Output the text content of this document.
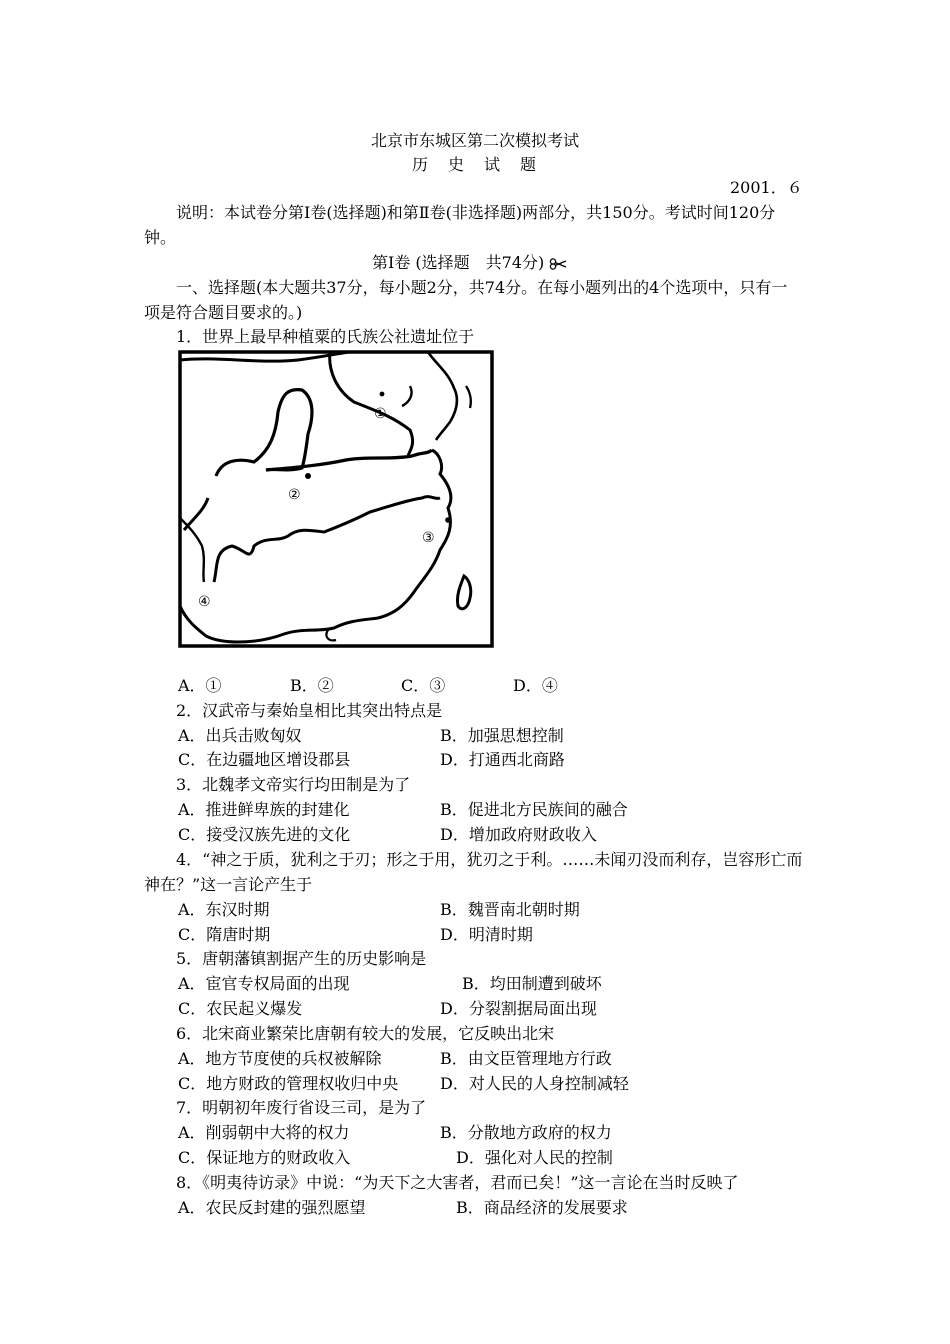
北京市东城区第二次模拟考试
历　史　试　题
2001．６
说明：本试卷分第Ⅰ卷(选择题)和第Ⅱ卷(非选择题)两部分，共150分。考试时间120分
钟。
第Ⅰ卷 (选择题　共74分)
一、选择题(本大题共37分，每小题2分，共74分。在每小题列出的4个选项中，只有一
项是符合题目要求的。)
1．世界上最早种植粟的氏族公社遗址位于
①
②
③
④
A．①	B．②	C．③	D．④
2．汉武帝与秦始皇相比其突出特点是
A．出兵击败匈奴	B．加强思想控制
C．在边疆地区增设郡县	D．打通西北商路
3．北魏孝文帝实行均田制是为了
A．推进鲜卑族的封建化	B．促进北方民族间的融合
C．接受汉族先进的文化	D．增加政府财政收入
4．“神之于质，犹利之于刃；形之于用，犹刃之于利。……未闻刃没而利存，岂容形亡而
神在？”这一言论产生于
A．东汉时期	B．魏晋南北朝时期
C．隋唐时期	D．明清时期
5．唐朝藩镇割据产生的历史影响是
A．宦官专权局面的出现	B．均田制遭到破坏
C．农民起义爆发	D．分裂割据局面出现
6．北宋商业繁荣比唐朝有较大的发展，它反映出北宋
A．地方节度使的兵权被解除	B．由文臣管理地方行政
C．地方财政的管理权收归中央	D．对人民的人身控制减轻
7．明朝初年废行省设三司，是为了
A．削弱朝中大将的权力	B．分散地方政府的权力
C．保证地方的财政收入	D．强化对人民的控制
8．《明夷待访录》中说：“为天下之大害者，君而已矣！”这一言论在当时反映了
A．农民反封建的强烈愿望	B．商品经济的发展要求
